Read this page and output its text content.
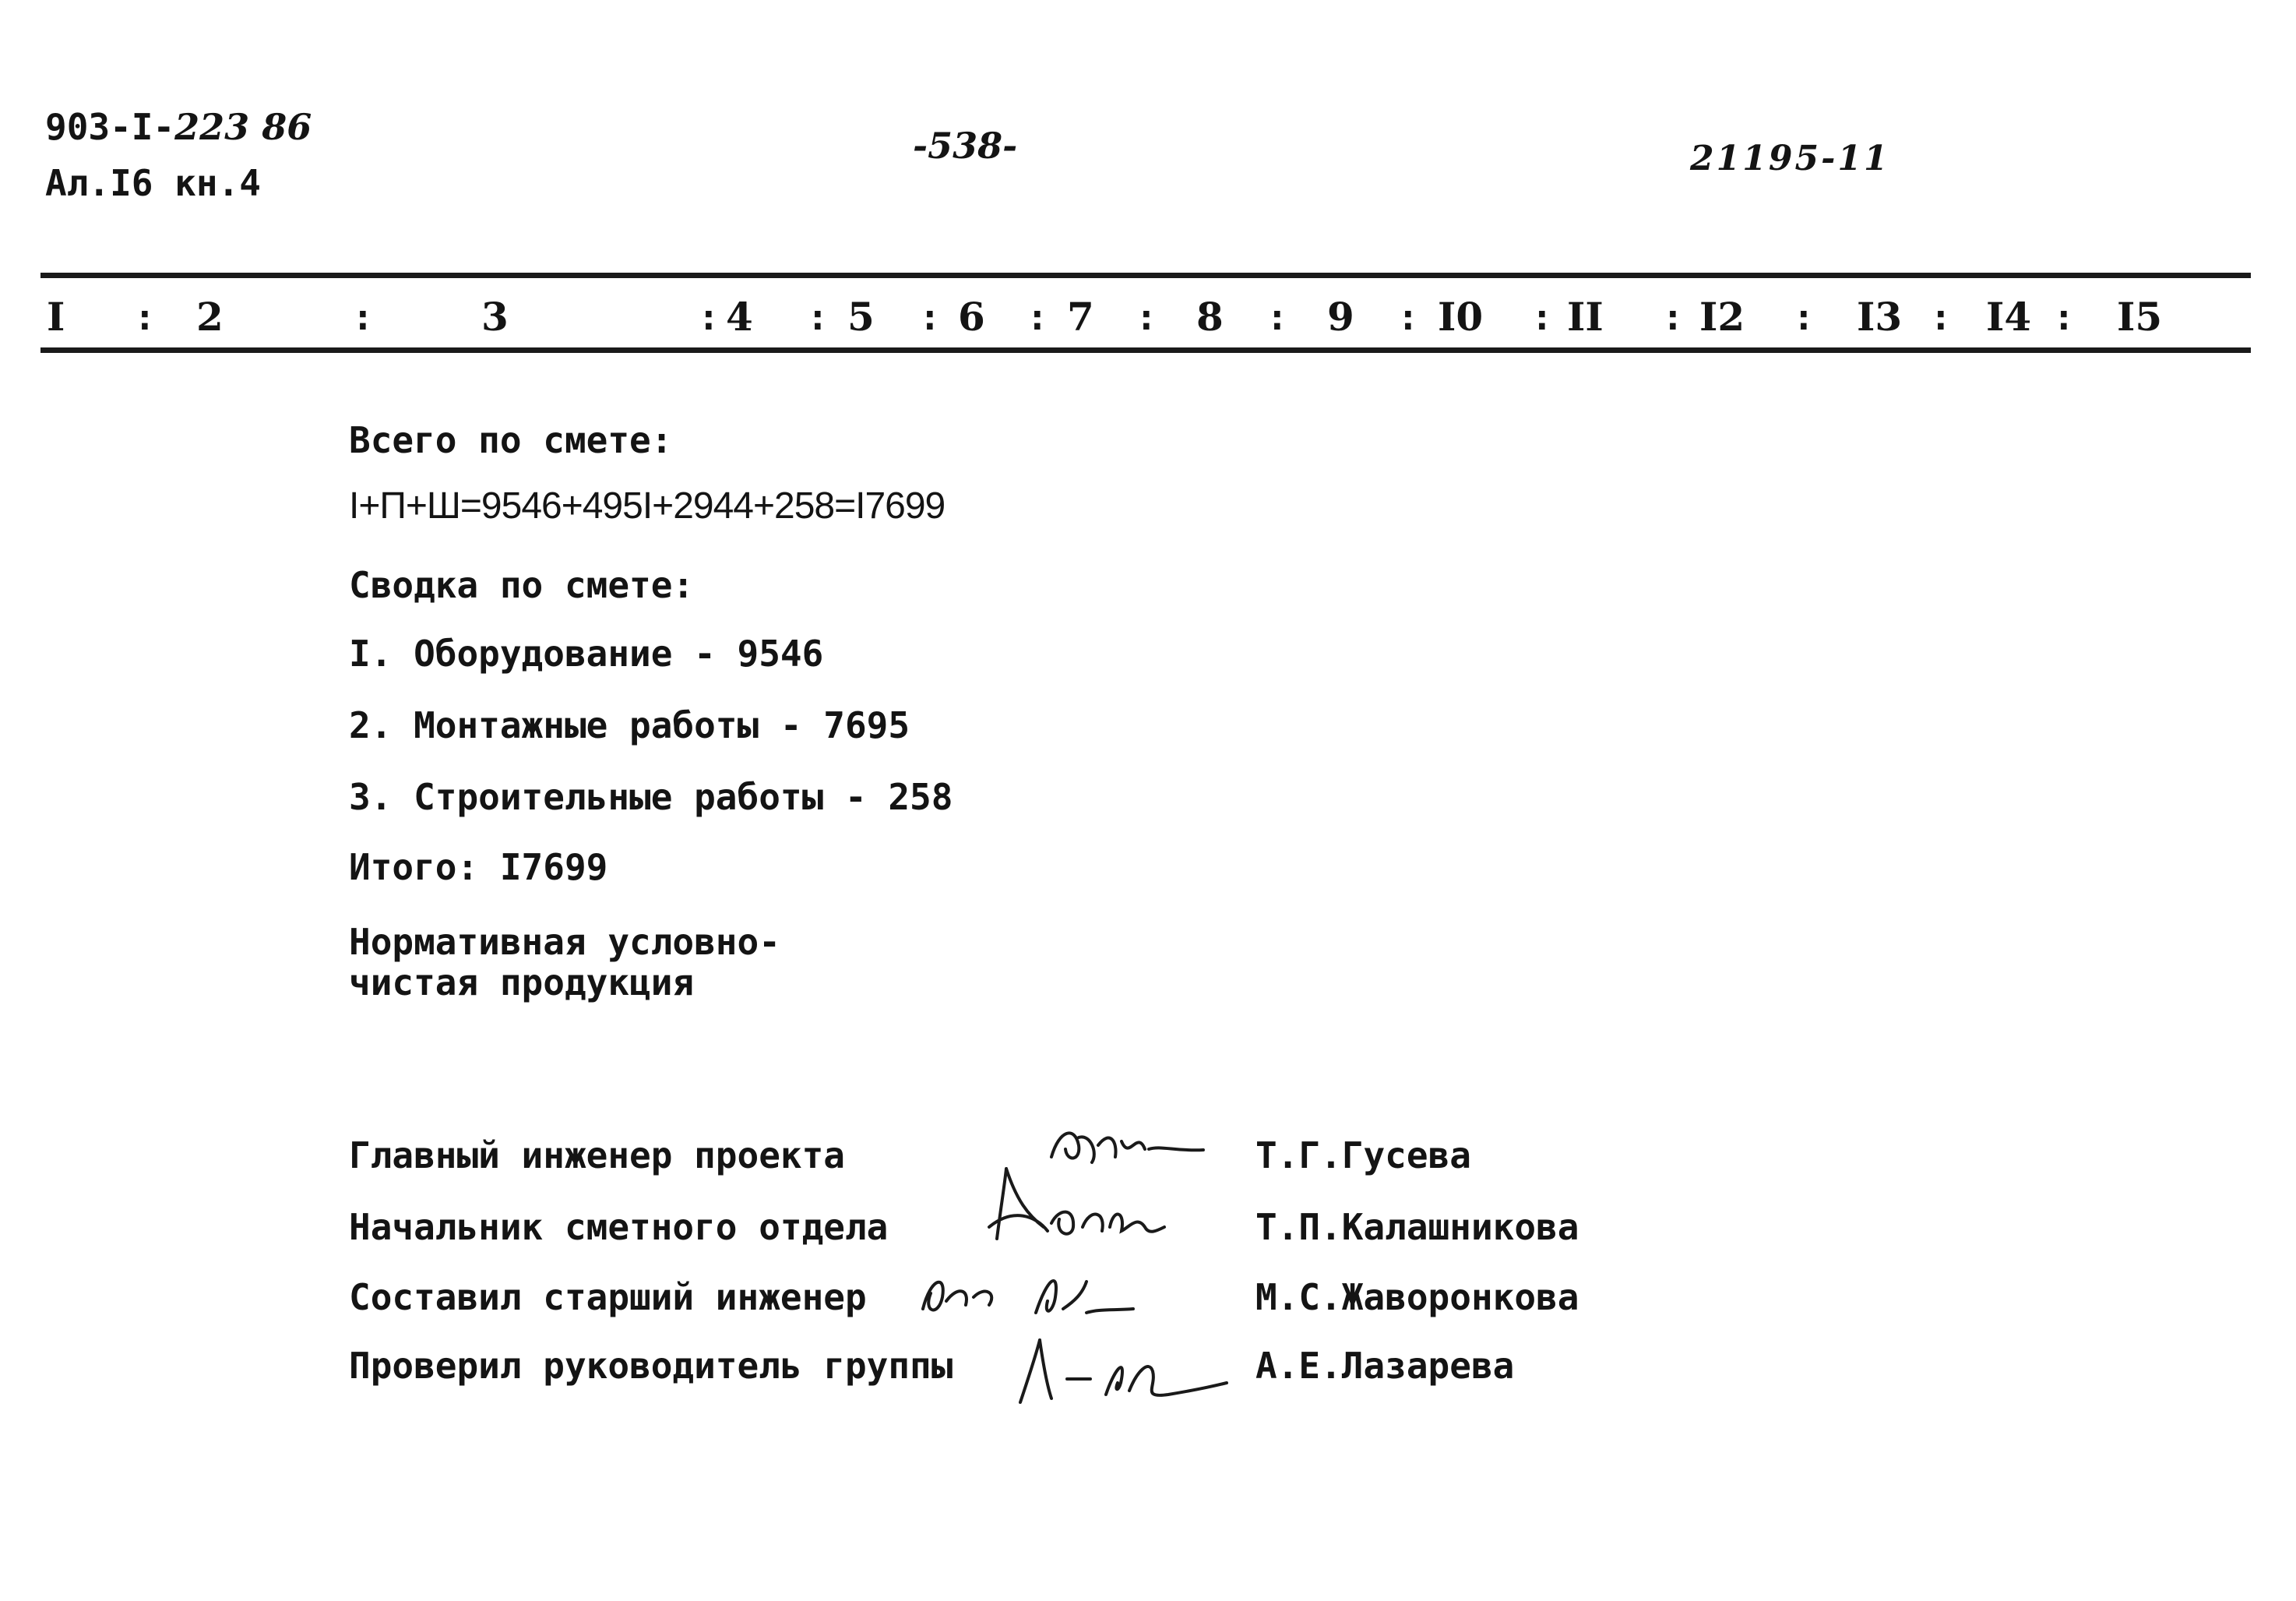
903-I-223 86
Ал.I6 кн.4
-538-	21195-11
I : 2	:	3	: 4 : 5 : 6 : 7 : 8 : 9 : I0 : II : I2 : I3 : I4 : I5
Всего по смете:
I+П+Ш=9546+495I+2944+258=I7699
Сводка по смете:
I. Оборудование - 9546
2. Монтажные работы - 7695
3. Строительные работы - 258
Итого: I7699
Нормативная условно-
чистая продукция
Главный инженер проекта	Т.Г.Гусева
Начальник сметного отдела	Т.П.Калашникова
Составил старший инженер	М.С.Жаворонкова
Проверил руководитель группы	А.Е.Лазарева
